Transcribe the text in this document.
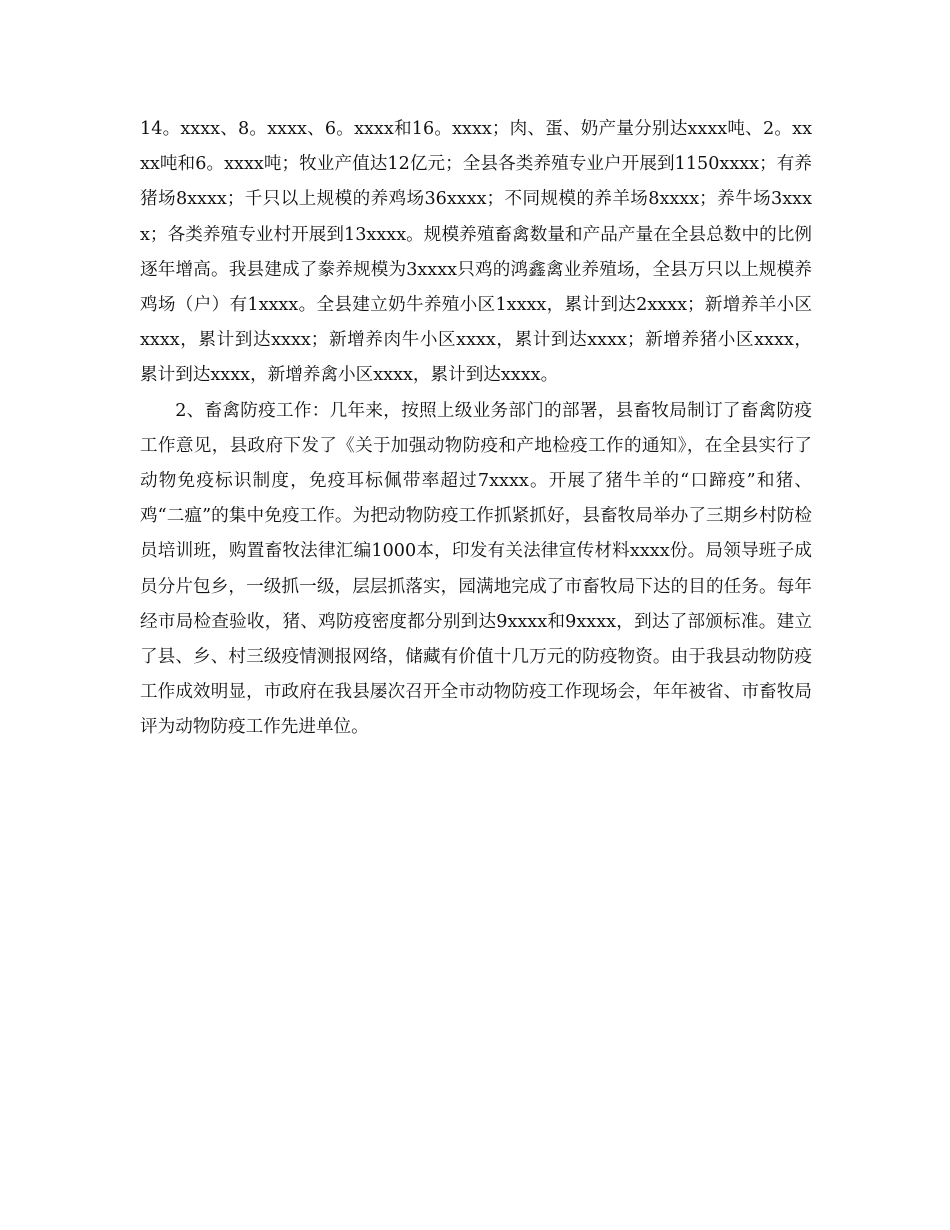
14。xxxx、8。xxxx、6。xxxx和16。xxxx；肉、蛋、奶产量分别达xxxx吨、2。xxxx吨和6。xxxx吨；牧业产值达12亿元；全县各类养殖专业户开展到1150xxxx；有养猪场8xxxx；千只以上规模的养鸡场36xxxx；不同规模的养羊场8xxxx；养牛场3xxxx；各类养殖专业村开展到13xxxx。规模养殖畜禽数量和产品产量在全县总数中的比例逐年增高。我县建成了豢养规模为3xxxx只鸡的鸿鑫禽业养殖场，全县万只以上规模养鸡场（户）有1xxxx。全县建立奶牛养殖小区1xxxx，累计到达2xxxx；新增养羊小区xxxx，累计到达xxxx；新增养肉牛小区xxxx，累计到达xxxx；新增养猪小区xxxx，累计到达xxxx，新增养禽小区xxxx，累计到达xxxx。

2、畜禽防疫工作：几年来，按照上级业务部门的部署，县畜牧局制订了畜禽防疫工作意见，县政府下发了《关于加强动物防疫和产地检疫工作的通知》，在全县实行了动物免疫标识制度，免疫耳标佩带率超过7xxxx。开展了猪牛羊的“口蹄疫”和猪、鸡“二瘟”的集中免疫工作。为把动物防疫工作抓紧抓好，县畜牧局举办了三期乡村防检员培训班，购置畜牧法律汇编1000本，印发有关法律宣传材料xxxx份。局领导班子成员分片包乡，一级抓一级，层层抓落实，园满地完成了市畜牧局下达的目的任务。每年经市局检查验收，猪、鸡防疫密度都分别到达9xxxx和9xxxx，到达了部颁标准。建立了县、乡、村三级疫情测报网络，储藏有价值十几万元的防疫物资。由于我县动物防疫工作成效明显，市政府在我县屡次召开全市动物防疫工作现场会，年年被省、市畜牧局评为动物防疫工作先进单位。
